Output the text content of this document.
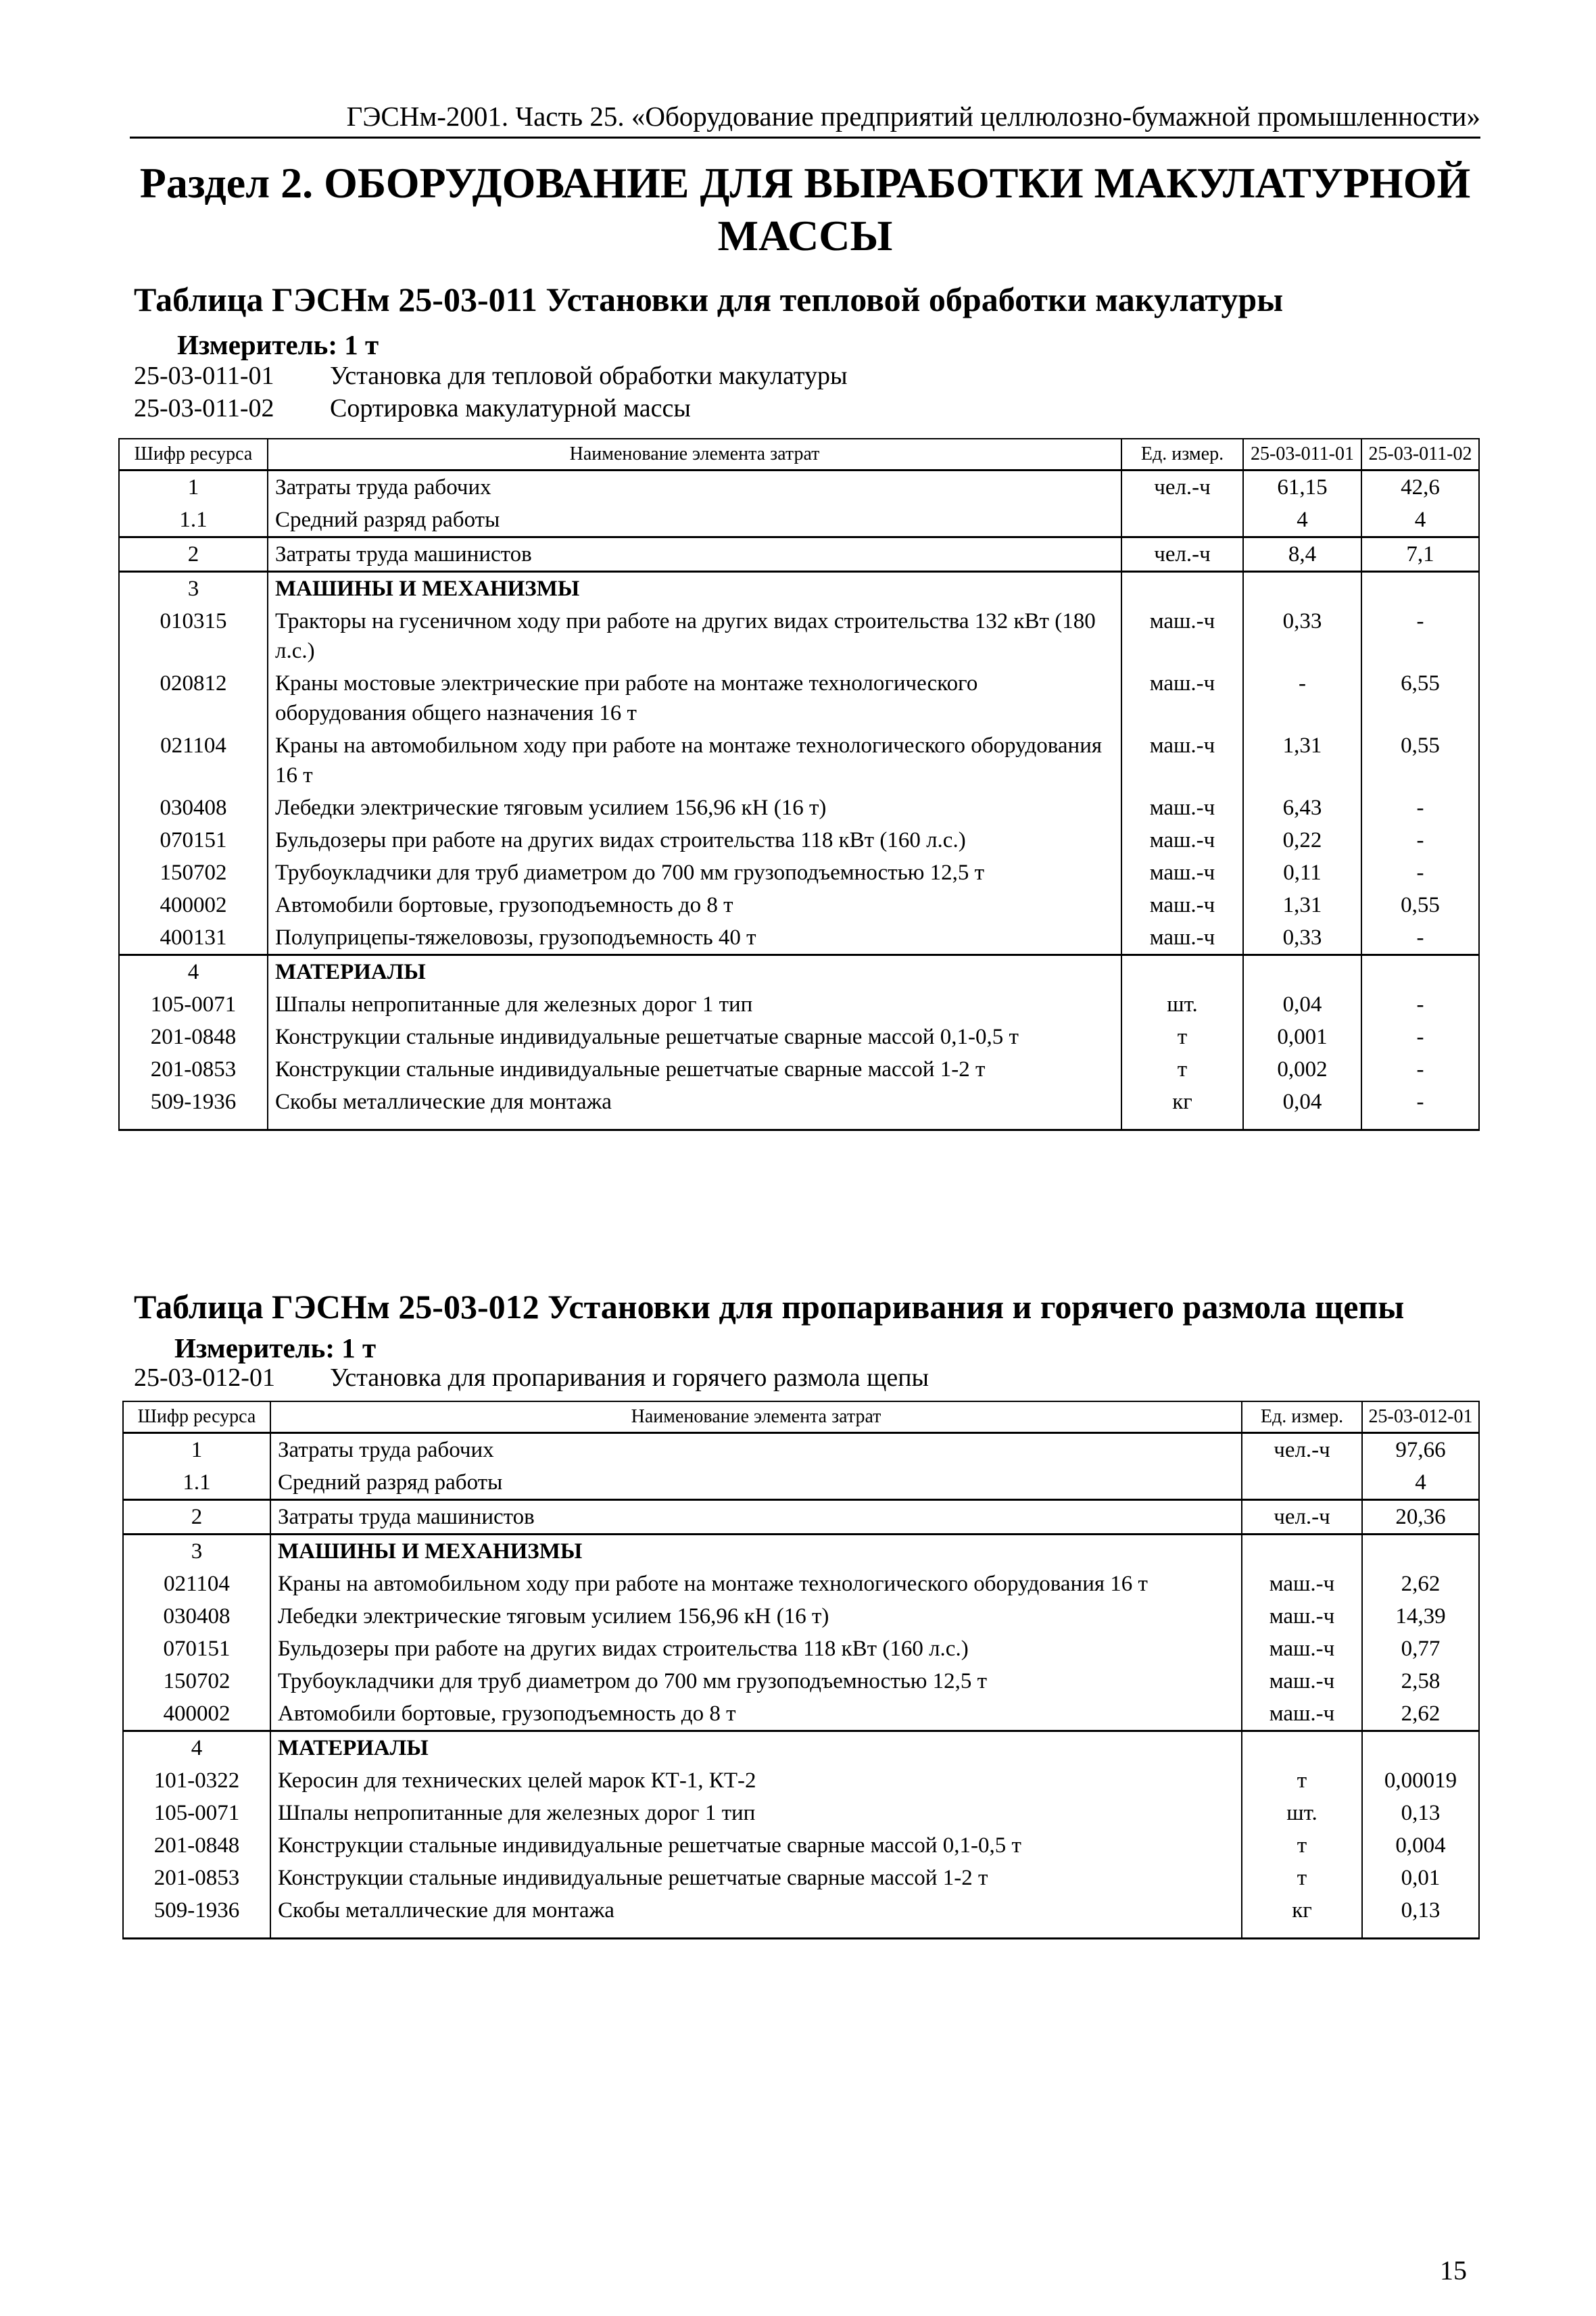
ГЭСНм-2001. Часть 25. «Оборудование предприятий целлюлозно-бумажной промышленности»
Раздел 2. ОБОРУДОВАНИЕ ДЛЯ ВЫРАБОТКИ МАКУЛАТУРНОЙ МАССЫ
Таблица ГЭСНм 25-03-011 Установки для тепловой обработки макулатуры
Измеритель: 1 т
25-03-011-01 Установка для тепловой обработки макулатуры
25-03-011-02 Сортировка макулатурной массы
Шифр ресурса	Наименование элемента затрат	Ед. измер.	25-03-011-01	25-03-011-02
1	Затраты труда рабочих	чел.-ч	61,15	42,6
1.1	Средний разряд работы		4	4
2	Затраты труда машинистов	чел.-ч	8,4	7,1
3	МАШИНЫ И МЕХАНИЗМЫ			
010315	Тракторы на гусеничном ходу при работе на других видах строительства 132 кВт (180 л.с.)	маш.-ч	0,33	-
020812	Краны мостовые электрические при работе на монтаже технологического оборудования общего назначения 16 т	маш.-ч	-	6,55
021104	Краны на автомобильном ходу при работе на монтаже технологического оборудования 16 т	маш.-ч	1,31	0,55
030408	Лебедки электрические тяговым усилием 156,96 кН (16 т)	маш.-ч	6,43	-
070151	Бульдозеры при работе на других видах строительства 118 кВт (160 л.с.)	маш.-ч	0,22	-
150702	Трубоукладчики для труб диаметром до 700 мм грузоподъемностью 12,5 т	маш.-ч	0,11	-
400002	Автомобили бортовые, грузоподъемность до 8 т	маш.-ч	1,31	0,55
400131	Полуприцепы-тяжеловозы, грузоподъемность 40 т	маш.-ч	0,33	-
4	МАТЕРИАЛЫ			
105-0071	Шпалы непропитанные для железных дорог 1 тип	шт.	0,04	-
201-0848	Конструкции стальные индивидуальные решетчатые сварные массой 0,1-0,5 т	т	0,001	-
201-0853	Конструкции стальные индивидуальные решетчатые сварные массой 1-2 т	т	0,002	-
509-1936	Скобы металлические для монтажа	кг	0,04	-
Таблица ГЭСНм 25-03-012 Установки для пропаривания и горячего размола щепы
Измеритель: 1 т
25-03-012-01 Установка для пропаривания и горячего размола щепы
Шифр ресурса	Наименование элемента затрат	Ед. измер.	25-03-012-01
1	Затраты труда рабочих	чел.-ч	97,66
1.1	Средний разряд работы		4
2	Затраты труда машинистов	чел.-ч	20,36
3	МАШИНЫ И МЕХАНИЗМЫ		
021104	Краны на автомобильном ходу при работе на монтаже технологического оборудования 16 т	маш.-ч	2,62
030408	Лебедки электрические тяговым усилием 156,96 кН (16 т)	маш.-ч	14,39
070151	Бульдозеры при работе на других видах строительства 118 кВт (160 л.с.)	маш.-ч	0,77
150702	Трубоукладчики для труб диаметром до 700 мм грузоподъемностью 12,5 т	маш.-ч	2,58
400002	Автомобили бортовые, грузоподъемность до 8 т	маш.-ч	2,62
4	МАТЕРИАЛЫ		
101-0322	Керосин для технических целей марок КТ-1, КТ-2	т	0,00019
105-0071	Шпалы непропитанные для железных дорог 1 тип	шт.	0,13
201-0848	Конструкции стальные индивидуальные решетчатые сварные массой 0,1-0,5 т	т	0,004
201-0853	Конструкции стальные индивидуальные решетчатые сварные массой 1-2 т	т	0,01
509-1936	Скобы металлические для монтажа	кг	0,13
15
